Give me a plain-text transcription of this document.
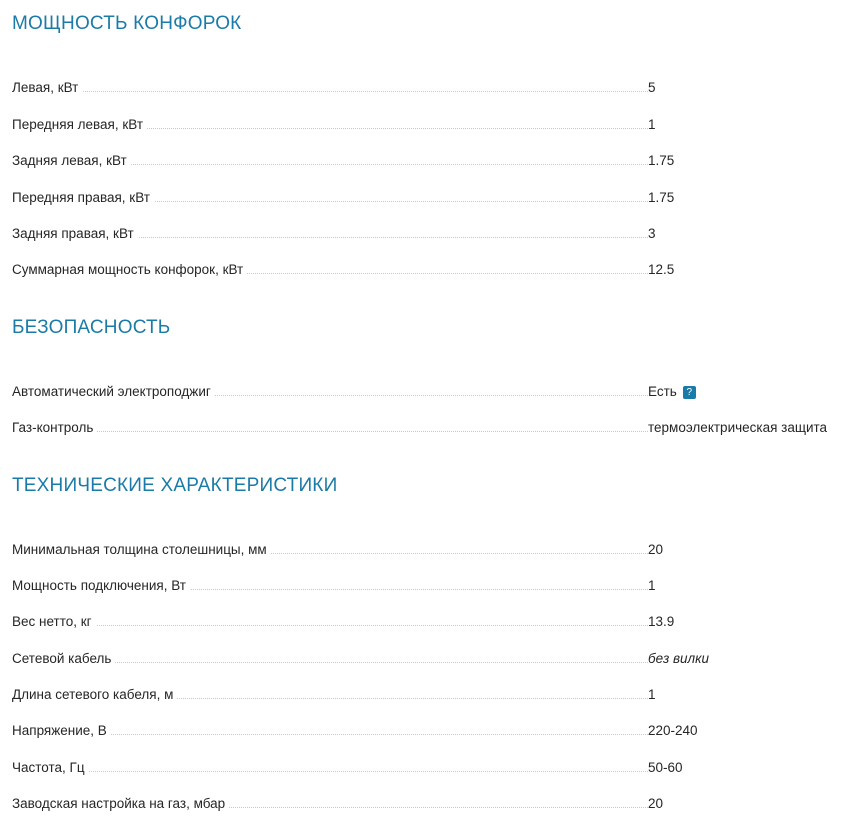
МОЩНОСТЬ КОНФОРОК
Левая, кВт	5
Передняя левая, кВт	1
Задняя левая, кВт	1.75
Передняя правая, кВт	1.75
Задняя правая, кВт	3
Суммарная мощность конфорок, кВт	12.5
БЕЗОПАСНОСТЬ
Автоматический электроподжиг	Есть ?
Газ-контроль	термоэлектрическая защита
ТЕХНИЧЕСКИЕ ХАРАКТЕРИСТИКИ
Минимальная толщина столешницы, мм	20
Мощность подключения, Вт	1
Вес нетто, кг	13.9
Сетевой кабель	без вилки
Длина сетевого кабеля, м	1
Напряжение, В	220-240
Частота, Гц	50-60
Заводская настройка на газ, мбар	20
